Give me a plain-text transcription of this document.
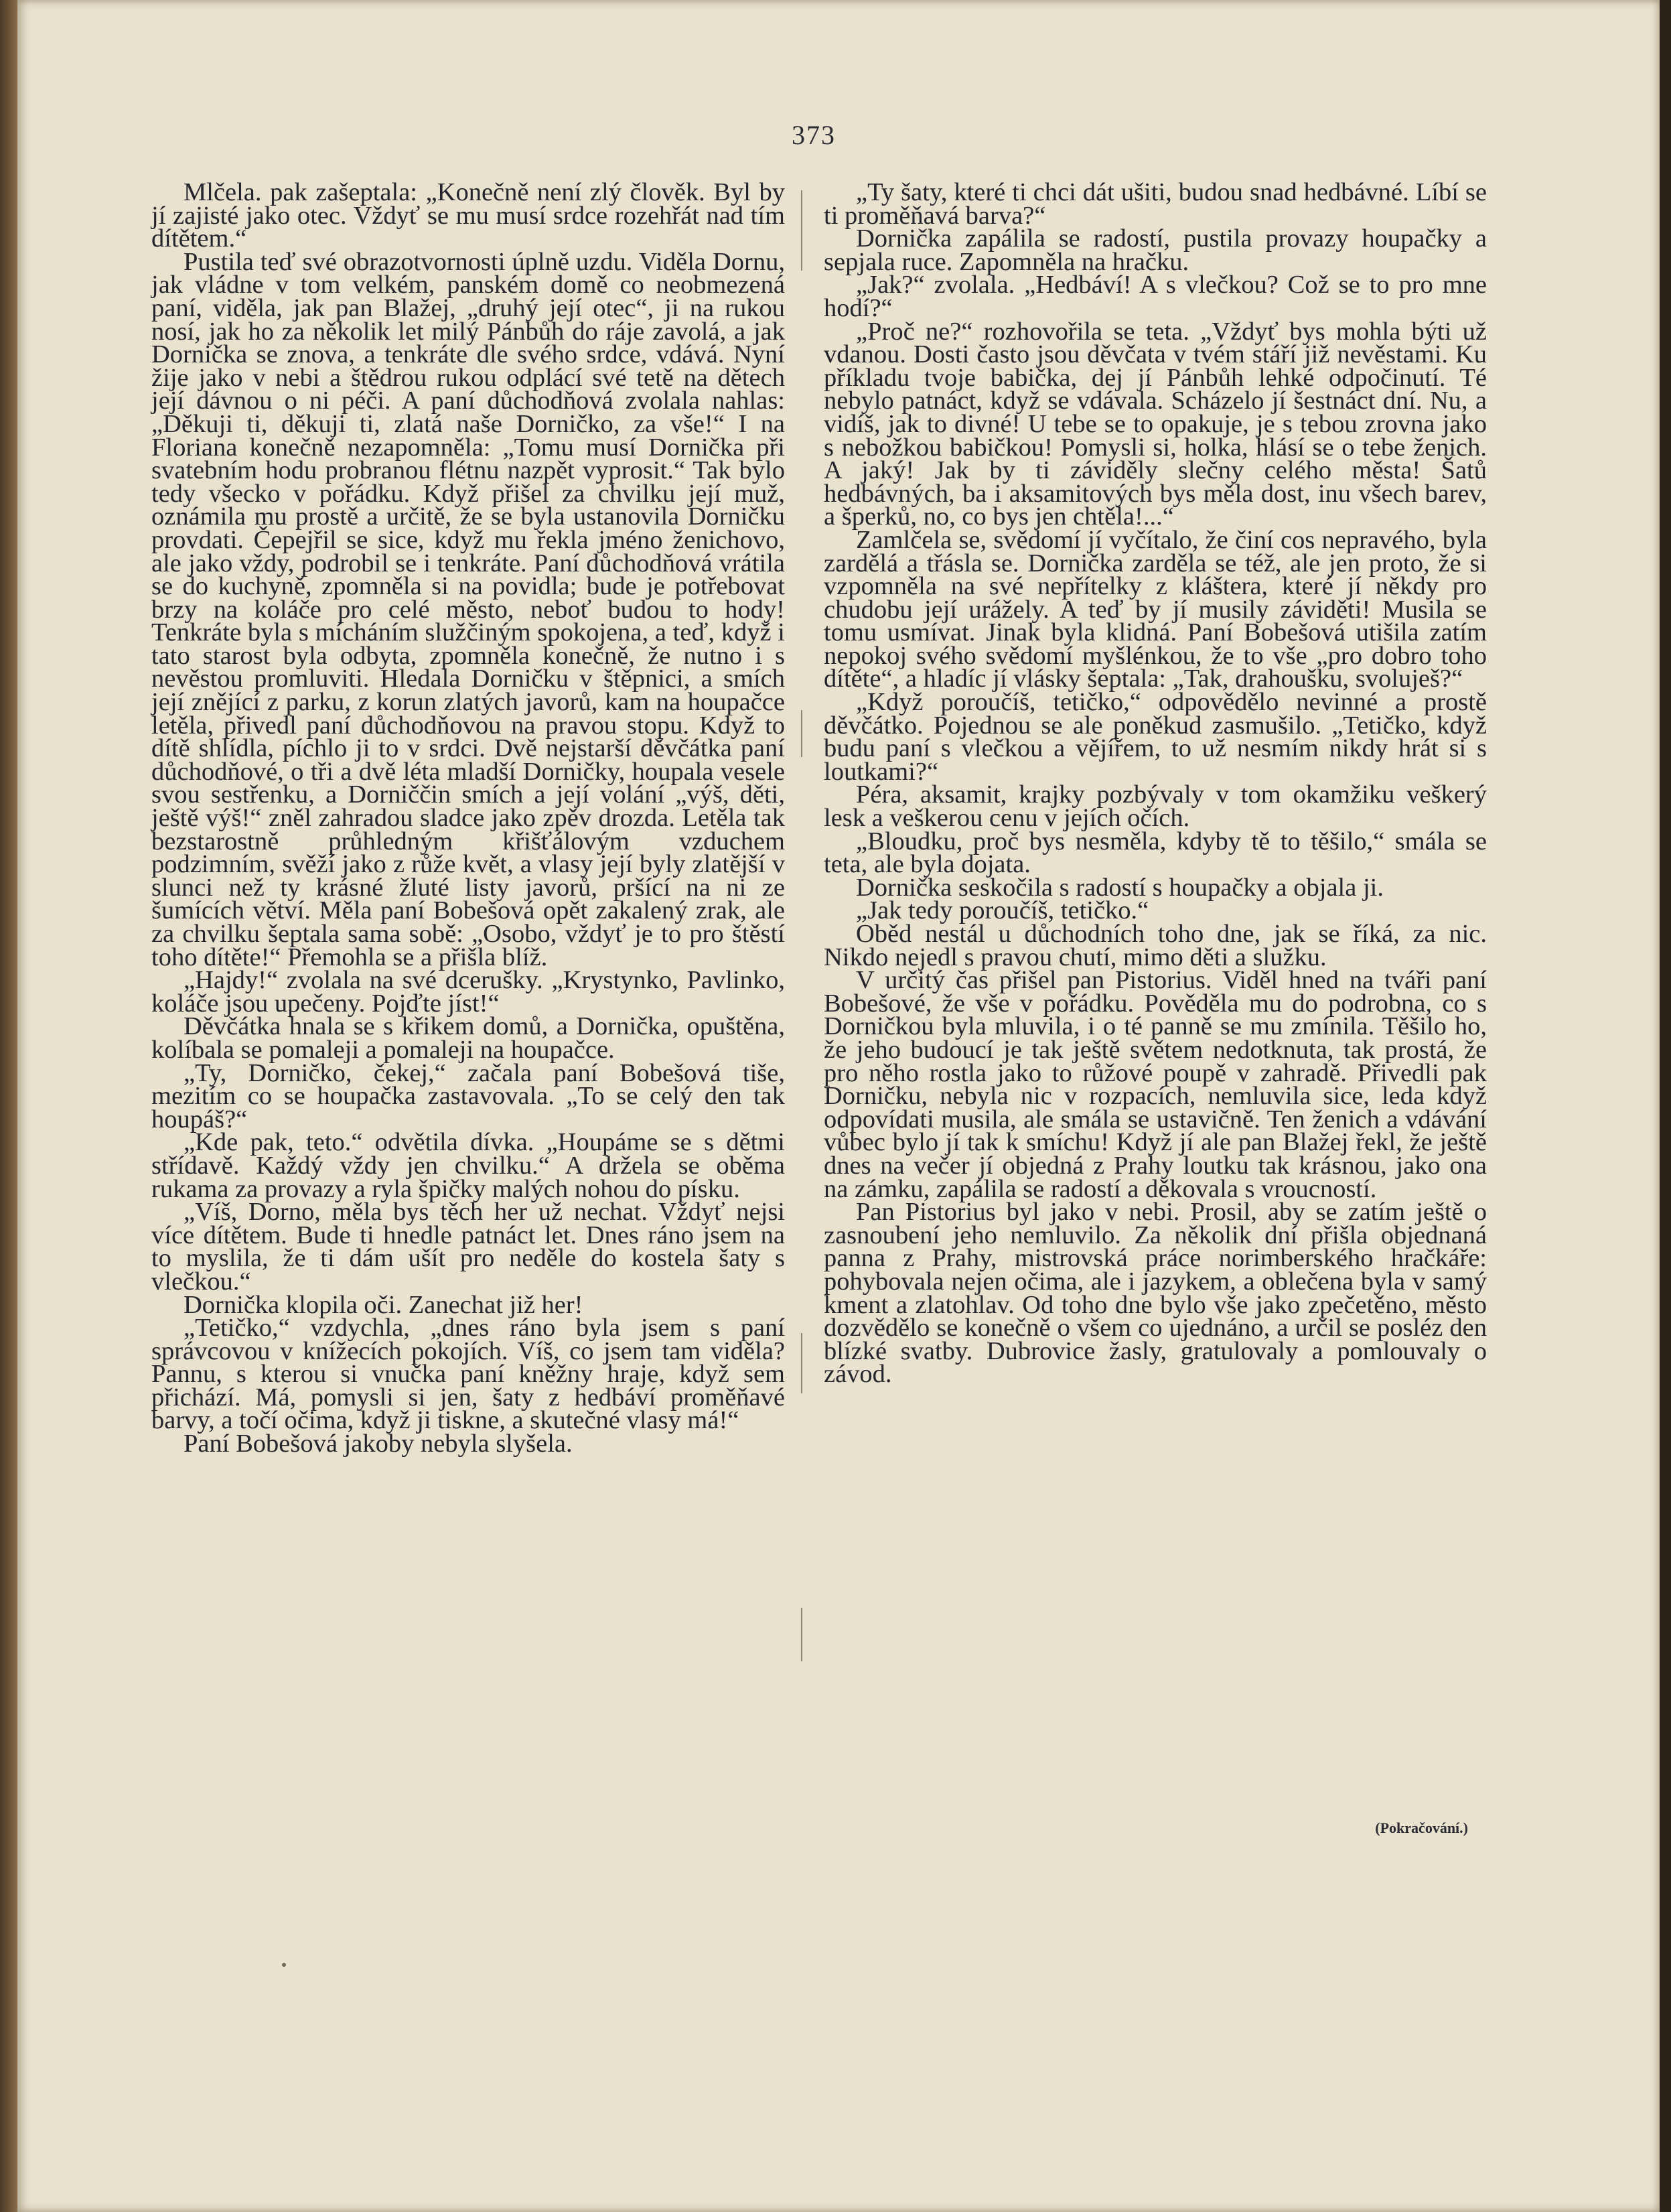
373

Mlčela. pak zašeptala: „Konečně není zlý člověk. Byl by jí zajisté jako otec. Vždyť se mu musí srdce rozehřát nad tím dítětem.“

Pustila teď své obrazotvornosti úplně uzdu. Viděla Dornu, jak vládne v tom velkém, panském domě co neobmezená paní, viděla, jak pan Blažej, „druhý její otec“, ji na rukou nosí, jak ho za několik let milý Pánbůh do ráje zavolá, a jak Dornička se znova, a tenkráte dle svého srdce, vdává. Nyní žije jako v nebi a štědrou rukou odplácí své tetě na dětech její dávnou o ni péči. A paní důchodňová zvolala nahlas: „Děkuji ti, děkuji ti, zlatá naše Dorničko, za vše!“ I na Floriana konečně nezapomněla: „Tomu musí Dornička při svatebním hodu probranou flétnu nazpět vyprosit.“ Tak bylo tedy všecko v pořádku. Když přišel za chvilku její muž, oznámila mu prostě a určitě, že se byla ustanovila Dorničku provdati. Čepejřil se sice, když mu řekla jméno ženichovo, ale jako vždy, podrobil se i tenkráte. Paní důchodňová vrátila se do kuchyně, zpomněla si na povidla; bude je potřebovat brzy na koláče pro celé město, neboť budou to hody! Tenkráte byla s mícháním služčiným spokojena, a teď, když i tato starost byla odbyta, zpomněla konečně, že nutno i s nevěstou promluviti. Hledala Dorničku v štěpnici, a smích její znějící z parku, z korun zlatých javorů, kam na houpačce letěla, přivedl paní důchodňovou na pravou stopu. Když to dítě shlídla, píchlo ji to v srdci. Dvě nejstarší děvčátka paní důchodňové, o tři a dvě léta mladší Dorničky, houpala vesele svou sestřenku, a Dorniččin smích a její volání „výš, děti, ještě výš!“ zněl zahradou sladce jako zpěv drozda. Letěla tak bezstarostně průhledným křišťálovým vzduchem podzimním, svěží jako z růže květ, a vlasy její byly zlatější v slunci než ty krásné žluté listy javorů, pršící na ni ze šumících větví. Měla paní Bobešová opět zakalený zrak, ale za chvilku šeptala sama sobě: „Osobo, vždyť je to pro štěstí toho dítěte!“ Přemohla se a přišla blíž.

„Hajdy!“ zvolala na své dcerušky. „Krystynko, Pavlinko, koláče jsou upečeny. Pojďte jíst!“

Děvčátka hnala se s křikem domů, a Dornička, opuštěna, kolíbala se pomaleji a pomaleji na houpačce.

„Ty, Dorničko, čekej,“ začala paní Bobešová tiše, mezitím co se houpačka zastavovala. „To se celý den tak houpáš?“

„Kde pak, teto.“ odvětila dívka. „Houpáme se s dětmi střídavě. Každý vždy jen chvilku.“ A držela se oběma rukama za provazy a ryla špičky malých nohou do písku.

„Víš, Dorno, měla bys těch her už nechat. Vždyť nejsi více dítětem. Bude ti hnedle patnáct let. Dnes ráno jsem na to myslila, že ti dám ušít pro neděle do kostela šaty s vlečkou.“

Dornička klopila oči. Zanechat již her!

„Tetičko,“ vzdychla, „dnes ráno byla jsem s paní správcovou v knížecích pokojích. Víš, co jsem tam viděla? Pannu, s kterou si vnučka paní kněžny hraje, když sem přichází. Má, pomysli si jen, šaty z hedbáví proměňavé barvy, a točí očima, když ji tiskne, a skutečné vlasy má!“

Paní Bobešová jakoby nebyla slyšela.

„Ty šaty, které ti chci dát ušiti, budou snad hedbávné. Líbí se ti proměňavá barva?“

Dornička zapálila se radostí, pustila provazy houpačky a sepjala ruce. Zapomněla na hračku.

„Jak?“ zvolala. „Hedbáví! A s vlečkou? Což se to pro mne hodí?“

„Proč ne?“ rozhovořila se teta. „Vždyť bys mohla býti už vdanou. Dosti často jsou děvčata v tvém stáří již nevěstami. Ku příkladu tvoje babička, dej jí Pánbůh lehké odpočinutí. Té nebylo patnáct, když se vdávala. Scházelo jí šestnáct dní. Nu, a vidíš, jak to divné! U tebe se to opakuje, je s tebou zrovna jako s nebožkou babičkou! Pomysli si, holka, hlásí se o tebe ženich. A jaký! Jak by ti záviděly slečny celého města! Šatů hedbávných, ba i aksamitových bys měla dost, inu všech barev, a šperků, no, co bys jen chtěla!...“

Zamlčela se, svědomí jí vyčítalo, že činí cos nepravého, byla zardělá a třásla se. Dornička zarděla se též, ale jen proto, že si vzpomněla na své nepřítelky z kláštera, které jí někdy pro chudobu její urážely. A teď by jí musily záviděti! Musila se tomu usmívat. Jinak byla klidná. Paní Bobešová utišila zatím nepokoj svého svědomí myšlénkou, že to vše „pro dobro toho dítěte“, a hladíc jí vlásky šeptala: „Tak, drahoušku, svoluješ?“

„Když poroučíš, tetičko,“ odpovědělo nevinné a prostě děvčátko. Pojednou se ale poněkud zasmušilo. „Tetičko, když budu paní s vlečkou a vějířem, to už nesmím nikdy hrát si s loutkami?“

Péra, aksamit, krajky pozbývaly v tom okamžiku veškerý lesk a veškerou cenu v jejích očích.

„Bloudku, proč bys nesměla, kdyby tě to těšilo,“ smála se teta, ale byla dojata.

Dornička seskočila s radostí s houpačky a objala ji.

„Jak tedy poroučíš, tetičko.“

Oběd nestál u důchodních toho dne, jak se říká, za nic. Nikdo nejedl s pravou chutí, mimo děti a služku.

V určitý čas přišel pan Pistorius. Viděl hned na tváři paní Bobešové, že vše v pořádku. Pověděla mu do podrobna, co s Dorničkou byla mluvila, i o té panně se mu zmínila. Těšilo ho, že jeho budoucí je tak ještě světem nedotknuta, tak prostá, že pro něho rostla jako to růžové poupě v zahradě. Přivedli pak Dorničku, nebyla nic v rozpacích, nemluvila sice, leda když odpovídati musila, ale smála se ustavičně. Ten ženich a vdávání vůbec bylo jí tak k smíchu! Když jí ale pan Blažej řekl, že ještě dnes na večer jí objedná z Prahy loutku tak krásnou, jako ona na zámku, zapálila se radostí a děkovala s vroucností.

Pan Pistorius byl jako v nebi. Prosil, aby se zatím ještě o zasnoubení jeho nemluvilo. Za několik dní přišla objednaná panna z Prahy, mistrovská práce norimberského hračkáře: pohybovala nejen očima, ale i jazykem, a oblečena byla v samý kment a zlatohlav. Od toho dne bylo vše jako zpečetěno, město dozvědělo se konečně o všem co ujednáno, a určil se posléz den blízké svatby. Dubrovice žasly, gratulovaly a pomlouvaly o závod.

(Pokračování.)
